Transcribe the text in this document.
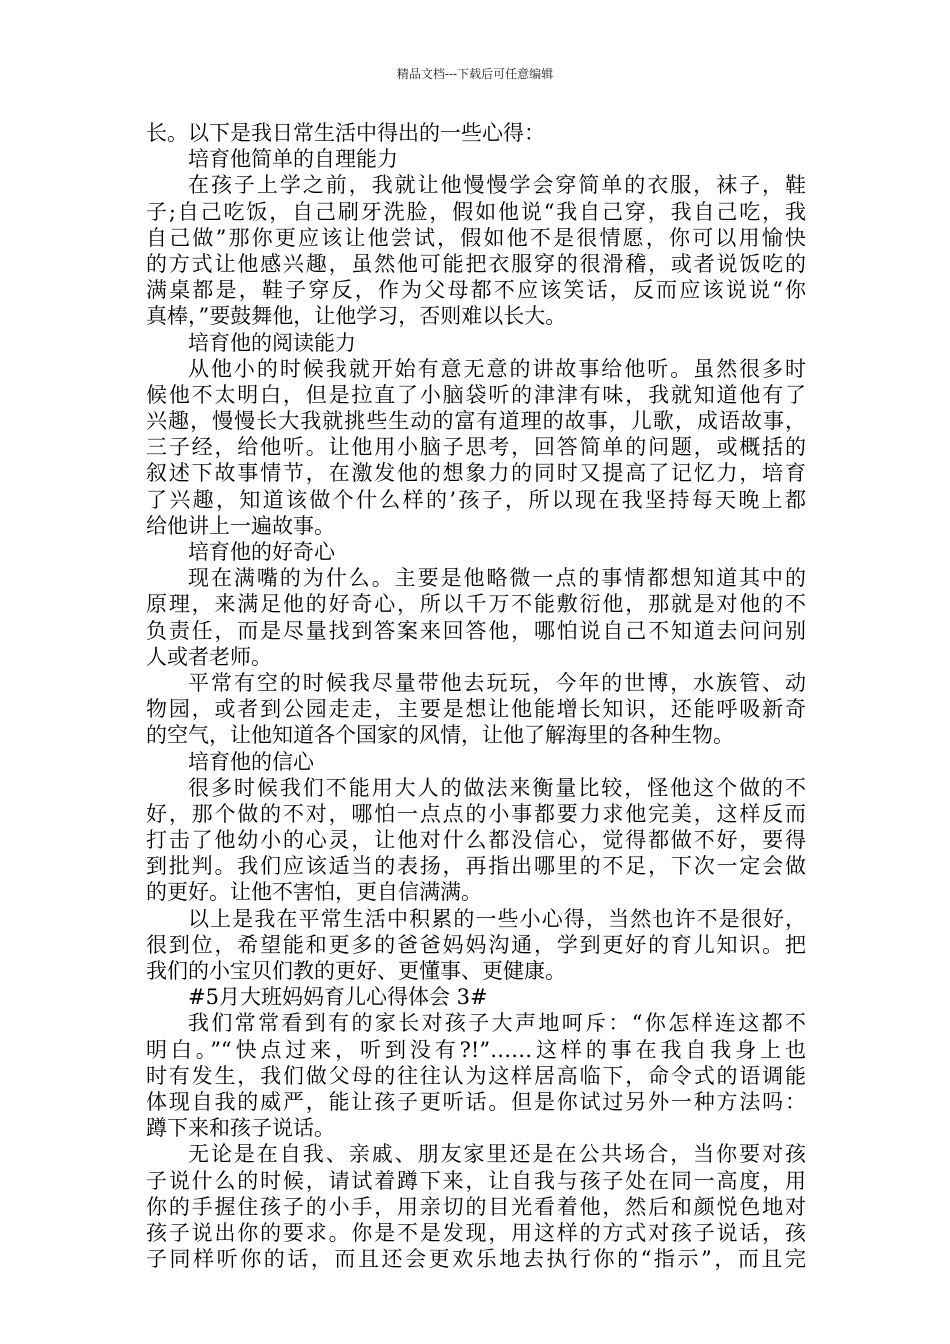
精品文档---下载后可任意编辑
长。以下是我日常生活中得出的一些心得：
培育他简单的自理能力
在孩子上学之前，我就让他慢慢学会穿简单的衣服，袜子，鞋
子;自己吃饭，自己刷牙洗脸，假如他说“我自己穿，我自己吃，我
自己做”那你更应该让他尝试，假如他不是很情愿，你可以用愉快
的方式让他感兴趣，虽然他可能把衣服穿的很滑稽，或者说饭吃的
满桌都是，鞋子穿反，作为父母都不应该笑话，反而应该说说“你
真棒，”要鼓舞他，让他学习，否则难以长大。
培育他的阅读能力
从他小的时候我就开始有意无意的讲故事给他听。虽然很多时
候他不太明白，但是拉直了小脑袋听的津津有味，我就知道他有了
兴趣，慢慢长大我就挑些生动的富有道理的故事，儿歌，成语故事，
三子经，给他听。让他用小脑子思考，回答简单的问题，或概括的
叙述下故事情节，在激发他的想象力的同时又提高了记忆力，培育
了兴趣，知道该做个什么样的’孩子，所以现在我坚持每天晚上都
给他讲上一遍故事。
培育他的好奇心
现在满嘴的为什么。主要是他略微一点的事情都想知道其中的
原理，来满足他的好奇心，所以千万不能敷衍他，那就是对他的不
负责任，而是尽量找到答案来回答他，哪怕说自己不知道去问问别
人或者老师。
平常有空的时候我尽量带他去玩玩，今年的世博，水族管、动
物园，或者到公园走走，主要是想让他能增长知识，还能呼吸新奇
的空气，让他知道各个国家的风情，让他了解海里的各种生物。
培育他的信心
很多时候我们不能用大人的做法来衡量比较，怪他这个做的不
好，那个做的不对，哪怕一点点的小事都要力求他完美，这样反而
打击了他幼小的心灵，让他对什么都没信心，觉得都做不好，要得
到批判。我们应该适当的表扬，再指出哪里的不足，下次一定会做
的更好。让他不害怕，更自信满满。
以上是我在平常生活中积累的一些小心得，当然也许不是很好，
很到位，希望能和更多的爸爸妈妈沟通，学到更好的育儿知识。把
我们的小宝贝们教的更好、更懂事、更健康。
#5月大班妈妈育儿心得体会 3#
我们常常看到有的家长对孩子大声地呵斥：“你怎样连这都不
明白。”“快点过来，听到没有?!”……这样的事在我自我身上也
时有发生，我们做父母的往往认为这样居高临下，命令式的语调能
体现自我的威严，能让孩子更听话。但是你试过另外一种方法吗：
蹲下来和孩子说话。
无论是在自我、亲戚、朋友家里还是在公共场合，当你要对孩
子说什么的时候，请试着蹲下来，让自我与孩子处在同一高度，用
你的手握住孩子的小手，用亲切的目光看着他，然后和颜悦色地对
孩子说出你的要求。你是不是发现，用这样的方式对孩子说话，孩
子同样听你的话，而且还会更欢乐地去执行你的“指示”，而且完
